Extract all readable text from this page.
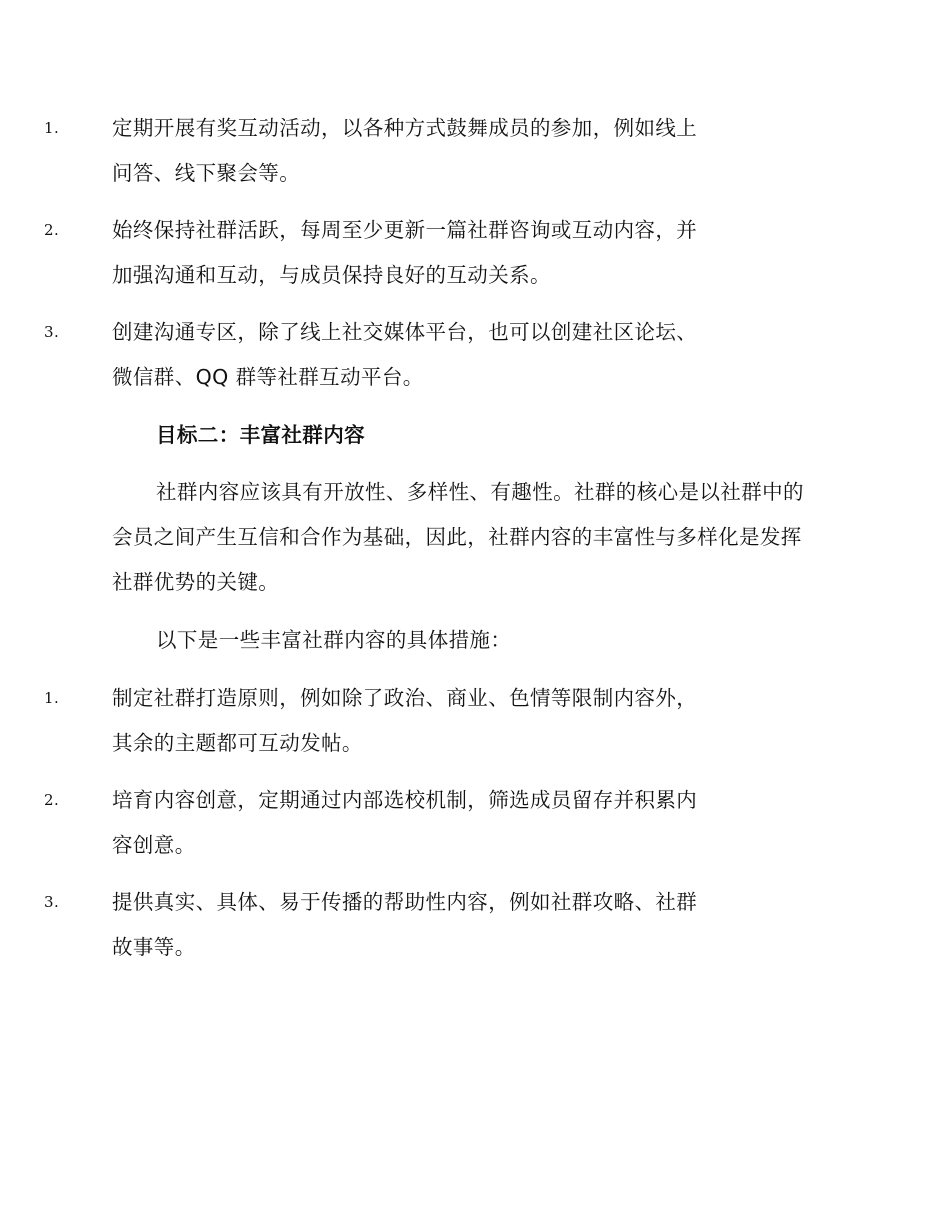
1.	定期开展有奖互动活动，以各种方式鼓舞成员的参加，例如线上
问答、线下聚会等。
2.	始终保持社群活跃，每周至少更新一篇社群咨询或互动内容，并
加强沟通和互动，与成员保持良好的互动关系。
3.	创建沟通专区，除了线上社交媒体平台，也可以创建社区论坛、
微信群、QQ 群等社群互动平台。
目标二：丰富社群内容
社群内容应该具有开放性、多样性、有趣性。社群的核心是以社群中的
会员之间产生互信和合作为基础，因此，社群内容的丰富性与多样化是发挥
社群优势的关键。
以下是一些丰富社群内容的具体措施：
1.	制定社群打造原则，例如除了政治、商业、色情等限制内容外，
其余的主题都可互动发帖。
2.	培育内容创意，定期通过内部选校机制，筛选成员留存并积累内
容创意。
3.	提供真实、具体、易于传播的帮助性内容，例如社群攻略、社群
故事等。
